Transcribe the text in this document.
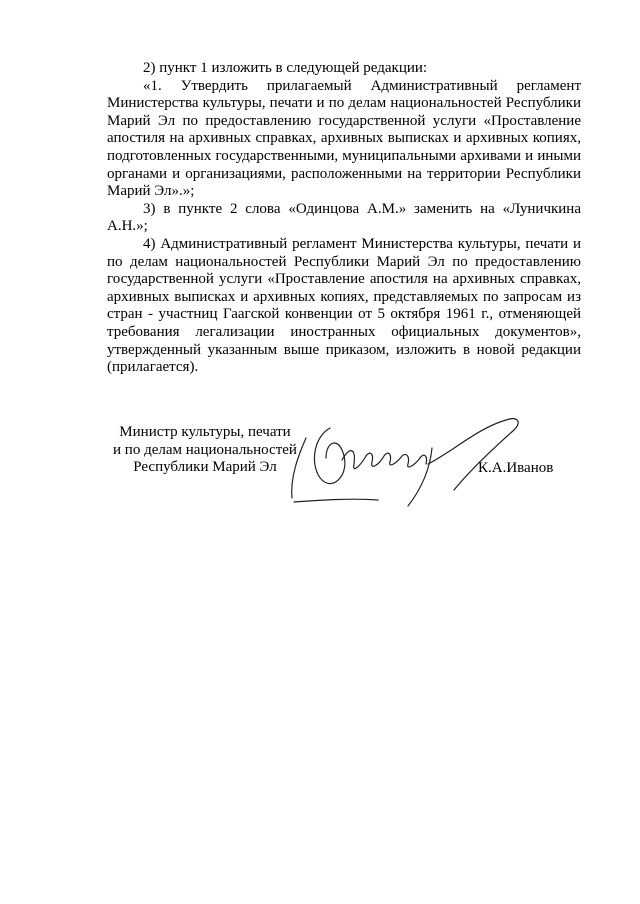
2) пункт 1 изложить в следующей редакции:

«1. Утвердить прилагаемый Административный регламент Министерства культуры, печати и по делам национальностей Республики Марий Эл по предоставлению государственной услуги «Проставление апостиля на архивных справках, архивных выписках и архивных копиях, подготовленных государственными, муниципальными архивами и иными органами и организациями, расположенными на территории Республики Марий Эл».»;

3) в пункте 2 слова «Одинцова А.М.» заменить на «Луничкина А.Н.»;

4) Административный регламент Министерства культуры, печати и по делам национальностей Республики Марий Эл по предоставлению государственной услуги «Проставление апостиля на архивных справках, архивных выписках и архивных копиях, представляемых по запросам из стран - участниц Гаагской конвенции от 5 октября 1961 г., отменяющей требования легализации иностранных официальных документов», утвержденный указанным выше приказом, изложить в новой редакции (прилагается).

Министр культуры, печати
и по делам национальностей
Республики Марий Эл	К.А.Иванов
